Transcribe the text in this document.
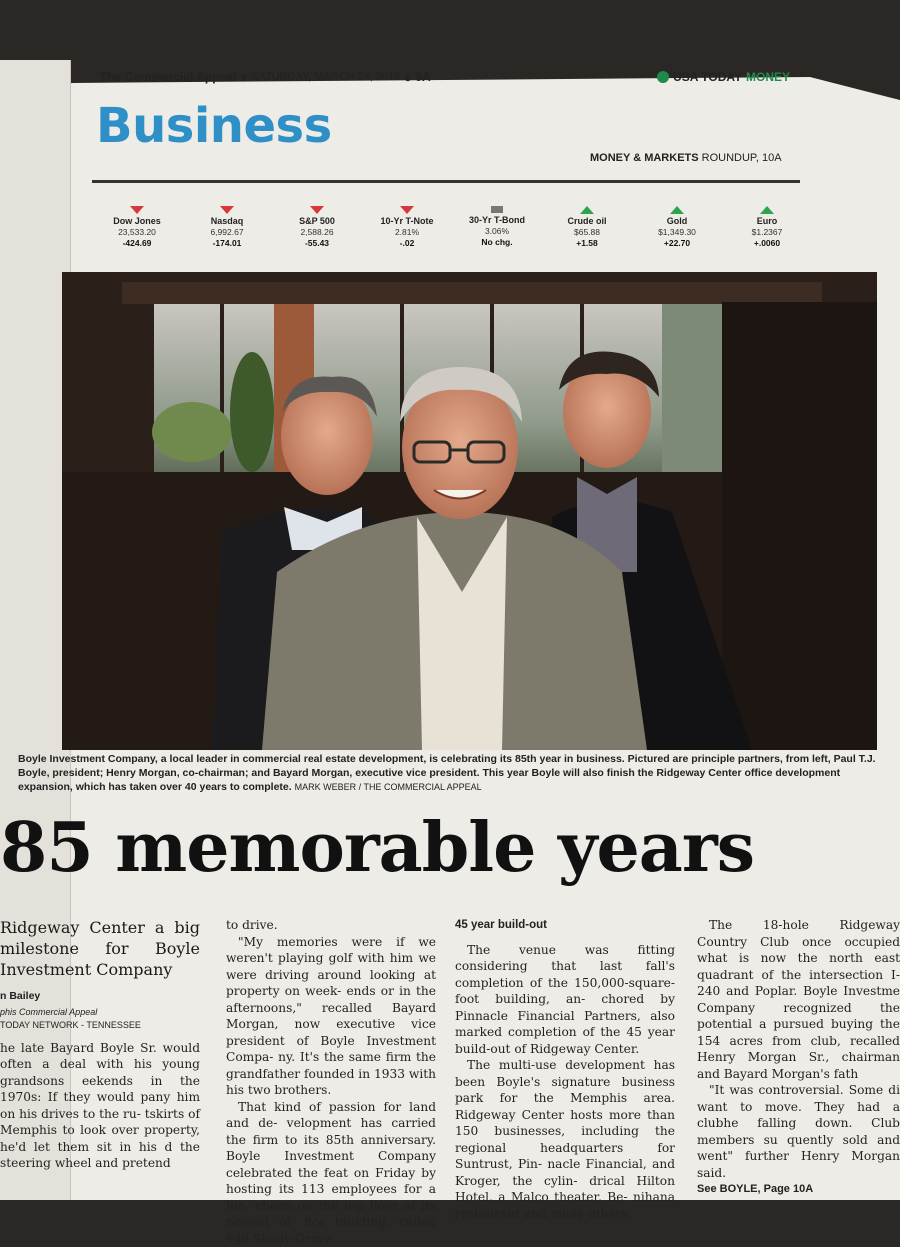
The Commercial Appeal ▮ SATURDAY, MARCH 24, 2018 ▮ 9A	USA TODAY MONEY
Business
MONEY & MARKETS ROUNDUP, 10A
Dow Jones
23,533.20
-424.69
Nasdaq
6,992.67
-174.01
S&P 500
2,588.26
-55.43
10-Yr T-Note
2.81%
-.02
30-Yr T-Bond
3.06%
No chg.
Crude oil
$65.88
+1.58
Gold
$1,349.30
+22.70
Euro
$1.2367
+.0060
Boyle Investment Company, a local leader in commercial real estate development, is celebrating its 85th year in business. Pictured are principle partners, from left, Paul T.J. Boyle, president; Henry Morgan, co-chairman; and Bayard Morgan, executive vice president. This year Boyle will also finish the Ridgeway Center office development expansion, which has taken over 40 years to complete. MARK WEBER / THE COMMERCIAL APPEAL
85 memorable years
Ridgeway Center a big milestone for Boyle Investment Company
n Bailey
phis Commercial Appeal
TODAY NETWORK - TENNESSEE

he late Bayard Boyle Sr. would often a deal with his young grandsons eekends in the 1970s: If they would pany him on his drives to the ru- tskirts of Memphis to look over property, he'd let them sit in his d the steering wheel and pretend

to drive.

"My memories were if we weren't playing golf with him we were driving around looking at property on week- ends or in the afternoons," recalled Bayard Morgan, now executive vice president of Boyle Investment Compa- ny. It's the same firm the grandfather founded in 1933 with his two brothers.

That kind of passion for land and de- velopment has carried the firm to its 85th anniversary. Boyle Investment Company celebrated the feat on Friday by hosting its 113 employees for a lun- cheon on the top floor of its newest of- fice building, called 949 Shady Grove.

45 year build-out

The venue was fitting considering that last fall's completion of the 150,000-square-foot building, an- chored by Pinnacle Financial Partners, also marked completion of the 45 year build-out of Ridgeway Center.

The multi-use development has been Boyle's signature business park for the Memphis area. Ridgeway Center hosts more than 150 businesses, including the regional headquarters for Suntrust, Pin- nacle Financial, and Kroger, the cylin- drical Hilton Hotel, a Malco theater, Be- nihana restaurant and many others.

The 18-hole Ridgeway Country Club once occupied what is now the north east quadrant of the intersection I-240 and Poplar. Boyle Investme Company recognized the potential a pursued buying the 154 acres from club, recalled Henry Morgan Sr., chairman and Bayard Morgan's fath

"It was controversial. Some di want to move. They had a clubhe falling down. Club members su quently sold and went" further Henry Morgan said.

See BOYLE, Page 10A
